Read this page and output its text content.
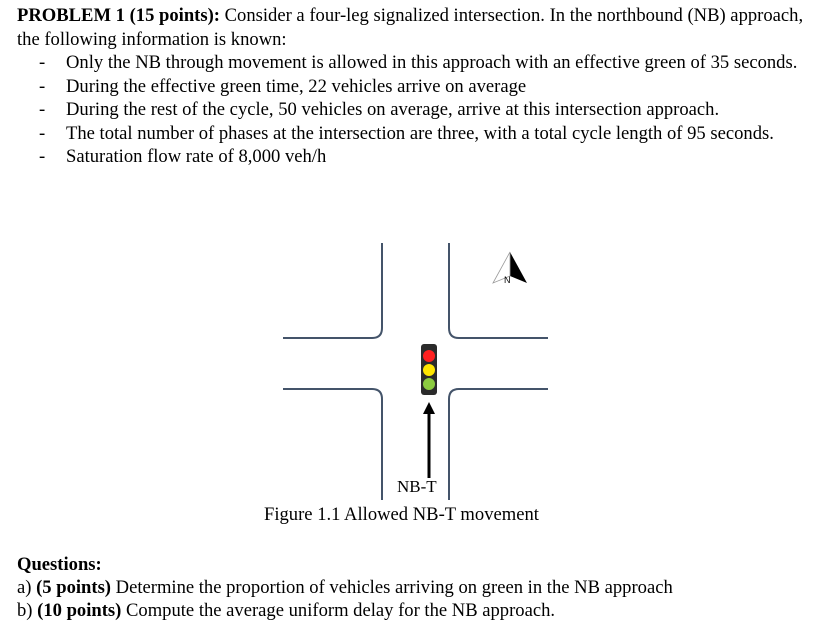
PROBLEM 1 (15 points): Consider a four-leg signalized intersection. In the northbound (NB) approach, the following information is known:

- Only the NB through movement is allowed in this approach with an effective green of 35 seconds.
- During the effective green time, 22 vehicles arrive on average
- During the rest of the cycle, 50 vehicles on average, arrive at this intersection approach.
- The total number of phases at the intersection are three, with a total cycle length of 95 seconds.
- Saturation flow rate of 8,000 veh/h
N
NB-T
Figure 1.1 Allowed NB-T movement

Questions:

a) (5 points) Determine the proportion of vehicles arriving on green in the NB approach

b) (10 points) Compute the average uniform delay for the NB approach.
